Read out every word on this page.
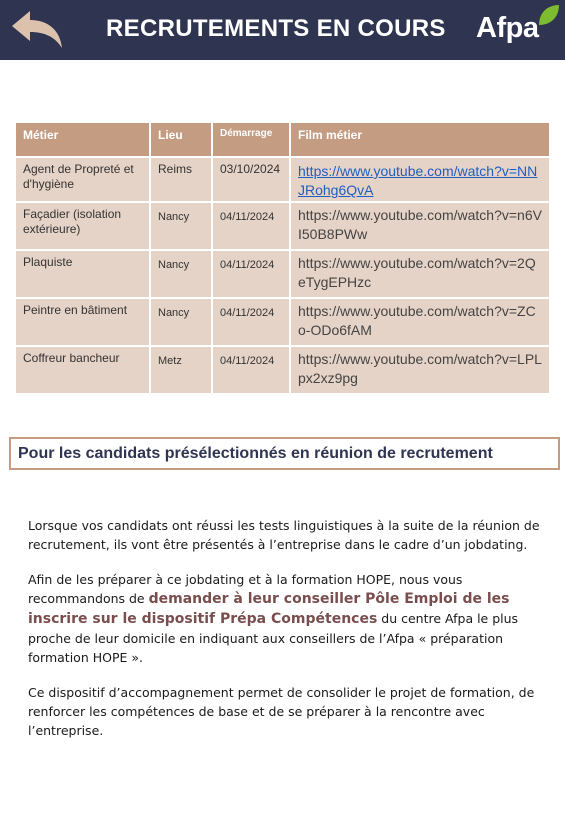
RECRUTEMENTS EN COURS Afpa
Métier	Lieu	Démarrage	Film métier
Agent de Propreté et d'hygiène	Reims	03/10/2024	https://www.youtube.com/watch?v=NNJRohg6QvA
Façadier (isolation extérieure)	Nancy	04/11/2024	https://www.youtube.com/watch?v=n6VI50B8PWw
Plaquiste	Nancy	04/11/2024	https://www.youtube.com/watch?v=2QeTygEPHzc
Peintre en bâtiment	Nancy	04/11/2024	https://www.youtube.com/watch?v=ZCo-ODo6fAM
Coffreur bancheur	Metz	04/11/2024	https://www.youtube.com/watch?v=LPLpx2xz9pg
Pour les candidats présélectionnés en réunion de recrutement

Lorsque vos candidats ont réussi les tests linguistiques à la suite de la réunion de recrutement, ils vont être présentés à l’entreprise dans le cadre d’un jobdating.

Afin de les préparer à ce jobdating et à la formation HOPE, nous vous recommandons de demander à leur conseiller Pôle Emploi de les inscrire sur le dispositif Prépa Compétences du centre Afpa le plus proche de leur domicile en indiquant aux conseillers de l’Afpa « préparation formation HOPE ».

Ce dispositif d’accompagnement permet de consolider le projet de formation, de renforcer les compétences de base et de se préparer à la rencontre avec l’entreprise.
